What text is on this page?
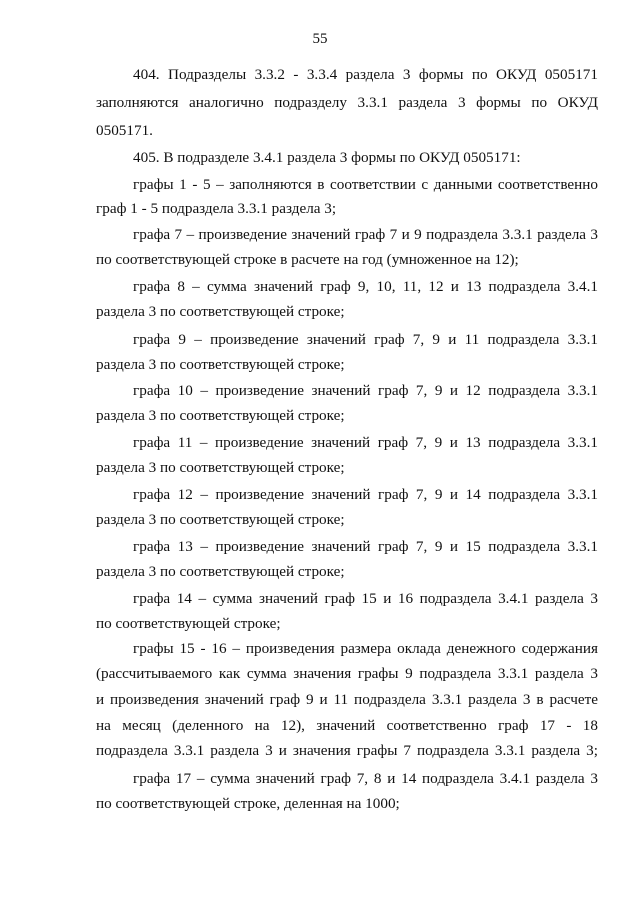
55
404. Подразделы 3.3.2 - 3.3.4 раздела 3 формы по ОКУД 0505171
заполняются аналогично подразделу 3.3.1 раздела 3 формы по ОКУД
0505171.
405. В подразделе 3.4.1 раздела 3 формы по ОКУД 0505171:
графы 1 - 5 – заполняются в соответствии с данными соответственно
граф 1 - 5 подраздела 3.3.1 раздела 3;
графа 7 – произведение значений граф 7 и 9 подраздела 3.3.1 раздела 3
по соответствующей строке в расчете на год (умноженное на 12);
графа 8 – сумма значений граф 9, 10, 11, 12 и 13 подраздела 3.4.1
раздела 3 по соответствующей строке;
графа 9 – произведение значений граф 7, 9 и 11 подраздела 3.3.1
раздела 3 по соответствующей строке;
графа 10 – произведение значений граф 7, 9 и 12 подраздела 3.3.1
раздела 3 по соответствующей строке;
графа 11 – произведение значений граф 7, 9 и 13 подраздела 3.3.1
раздела 3 по соответствующей строке;
графа 12 – произведение значений граф 7, 9 и 14 подраздела 3.3.1
раздела 3 по соответствующей строке;
графа 13 – произведение значений граф 7, 9 и 15 подраздела 3.3.1
раздела 3 по соответствующей строке;
графа 14 – сумма значений граф 15 и 16 подраздела 3.4.1 раздела 3
по соответствующей строке;
графы 15 - 16 – произведения размера оклада денежного содержания
(рассчитываемого как сумма значения графы 9 подраздела 3.3.1 раздела 3
и произведения значений граф 9 и 11 подраздела 3.3.1 раздела 3 в расчете
на месяц (деленного на 12), значений соответственно граф 17 - 18
подраздела 3.3.1 раздела 3 и значения графы 7 подраздела 3.3.1 раздела 3;
графа 17 – сумма значений граф 7, 8 и 14 подраздела 3.4.1 раздела 3
по соответствующей строке, деленная на 1000;
